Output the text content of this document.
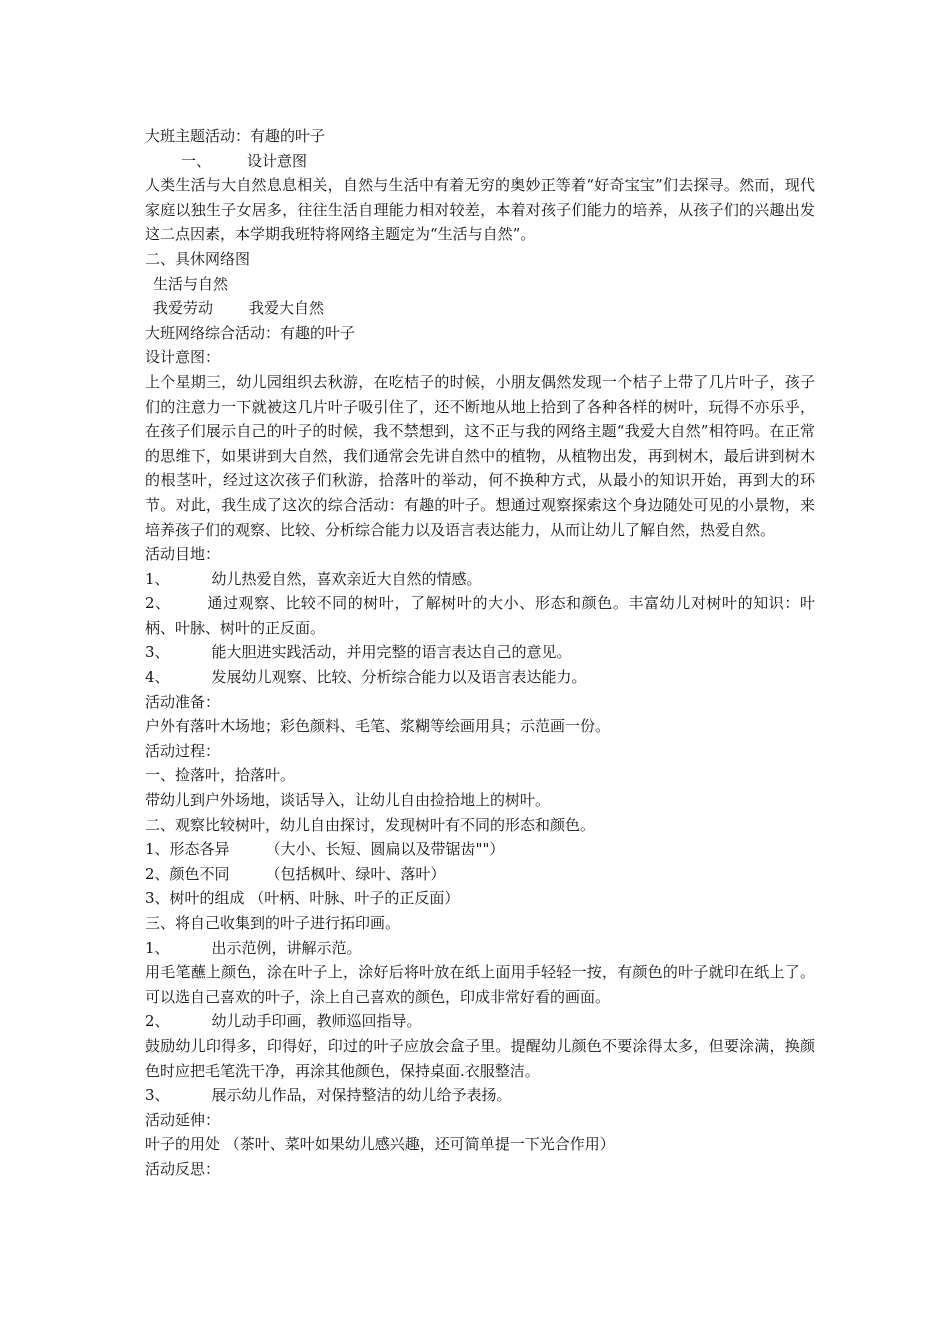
大班主题活动：有趣的叶子
一、 设计意图
人类生活与大自然息息相关，自然与生活中有着无穷的奥妙正等着“好奇宝宝”们去探寻。然而，现代家庭以独生子女居多，往往生活自理能力相对较差，本着对孩子们能力的培养，从孩子们的兴趣出发这二点因素，本学期我班特将网络主题定为“生活与自然”。
二、具休网络图
生活与自然
我爱劳动 我爱大自然
大班网络综合活动：有趣的叶子
设计意图：
上个星期三，幼儿园组织去秋游，在吃桔子的时候，小朋友偶然发现一个桔子上带了几片叶子，孩子们的注意力一下就被这几片叶子吸引住了，还不断地从地上拾到了各种各样的树叶，玩得不亦乐乎，在孩子们展示自己的叶子的时候，我不禁想到，这不正与我的网络主题“我爱大自然”相符吗。在正常的思维下，如果讲到大自然，我们通常会先讲自然中的植物，从植物出发，再到树木，最后讲到树木的根茎叶，经过这次孩子们秋游，拾落叶的举动，何不换种方式，从最小的知识开始，再到大的环节。对此，我生成了这次的综合活动：有趣的叶子。想通过观察探索这个身边随处可见的小景物，来培养孩子们的观察、比较、分析综合能力以及语言表达能力，从而让幼儿了解自然，热爱自然。
活动目地：
1、	幼儿热爱自然，喜欢亲近大自然的情感。
2、 通过观察、比较不同的树叶，了解树叶的大小、形态和颜色。丰富幼儿对树叶的知识：叶柄、叶脉、树叶的正反面。
3、	能大胆进实践活动，并用完整的语言表达自己的意见。
4、	发展幼儿观察、比较、分析综合能力以及语言表达能力。
活动准备：
户外有落叶木场地；彩色颜料、毛笔、浆糊等绘画用具；示范画一份。
活动过程：
一、捡落叶，拾落叶。
带幼儿到户外场地，谈话导入，让幼儿自由捡拾地上的树叶。
二、观察比较树叶，幼儿自由探讨，发现树叶有不同的形态和颜色。
1、形态各异 （大小、长短、圆扁以及带锯齿""）
2、颜色不同 （包括枫叶、绿叶、落叶）
3、树叶的组成 （叶柄、叶脉、叶子的正反面）
三、将自己收集到的叶子进行拓印画。
1、	出示范例，讲解示范。
用毛笔蘸上颜色，涂在叶子上，涂好后将叶放在纸上面用手轻轻一按，有颜色的叶子就印在纸上了。可以选自己喜欢的叶子，涂上自己喜欢的颜色，印成非常好看的画面。
2、	幼儿动手印画，教师巡回指导。
鼓励幼儿印得多，印得好，印过的叶子应放会盒子里。提醒幼儿颜色不要涂得太多，但要涂满，换颜色时应把毛笔洗干净，再涂其他颜色，保持桌面.衣服整洁。
3、	展示幼儿作品，对保持整洁的幼儿给予表扬。
活动延伸：
叶子的用处 （茶叶、菜叶如果幼儿感兴趣，还可简单提一下光合作用）
活动反思：
